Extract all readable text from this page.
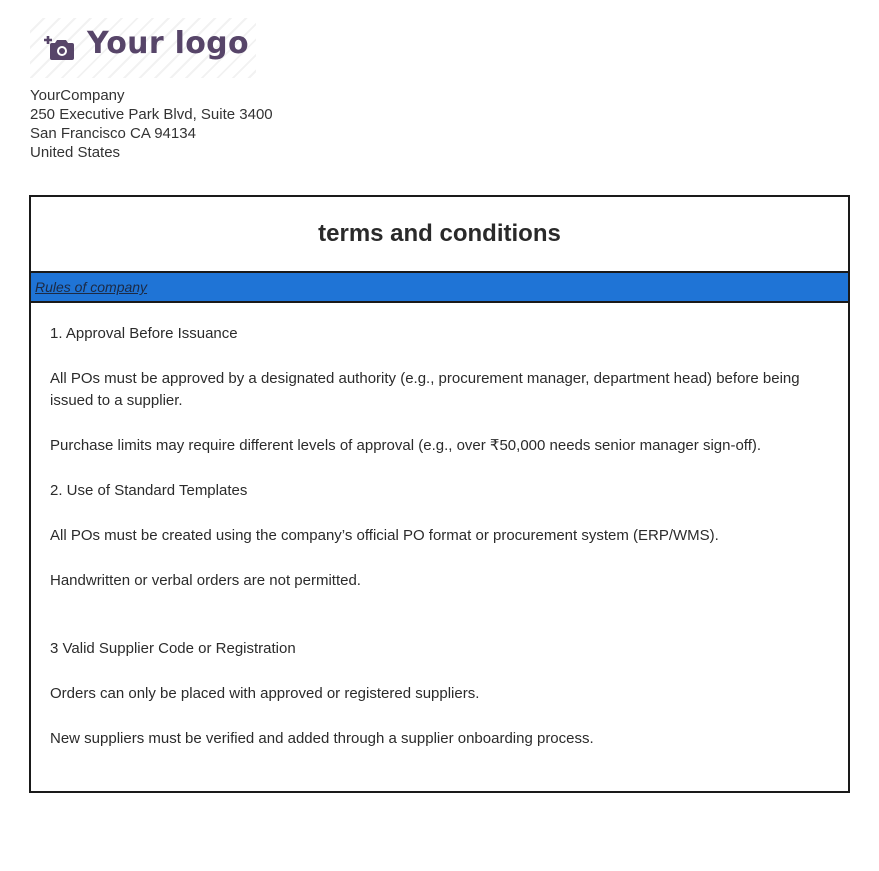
Your logo
YourCompany
250 Executive Park Blvd, Suite 3400
San Francisco CA 94134
United States
terms and conditions
Rules of company

1. Approval Before Issuance

All POs must be approved by a designated authority (e.g., procurement manager, department head) before being issued to a supplier.

Purchase limits may require different levels of approval (e.g., over ₹50,000 needs senior manager sign-off).

2. Use of Standard Templates

All POs must be created using the company’s official PO format or procurement system (ERP/WMS).

Handwritten or verbal orders are not permitted.

3 Valid Supplier Code or Registration

Orders can only be placed with approved or registered suppliers.

New suppliers must be verified and added through a supplier onboarding process.
